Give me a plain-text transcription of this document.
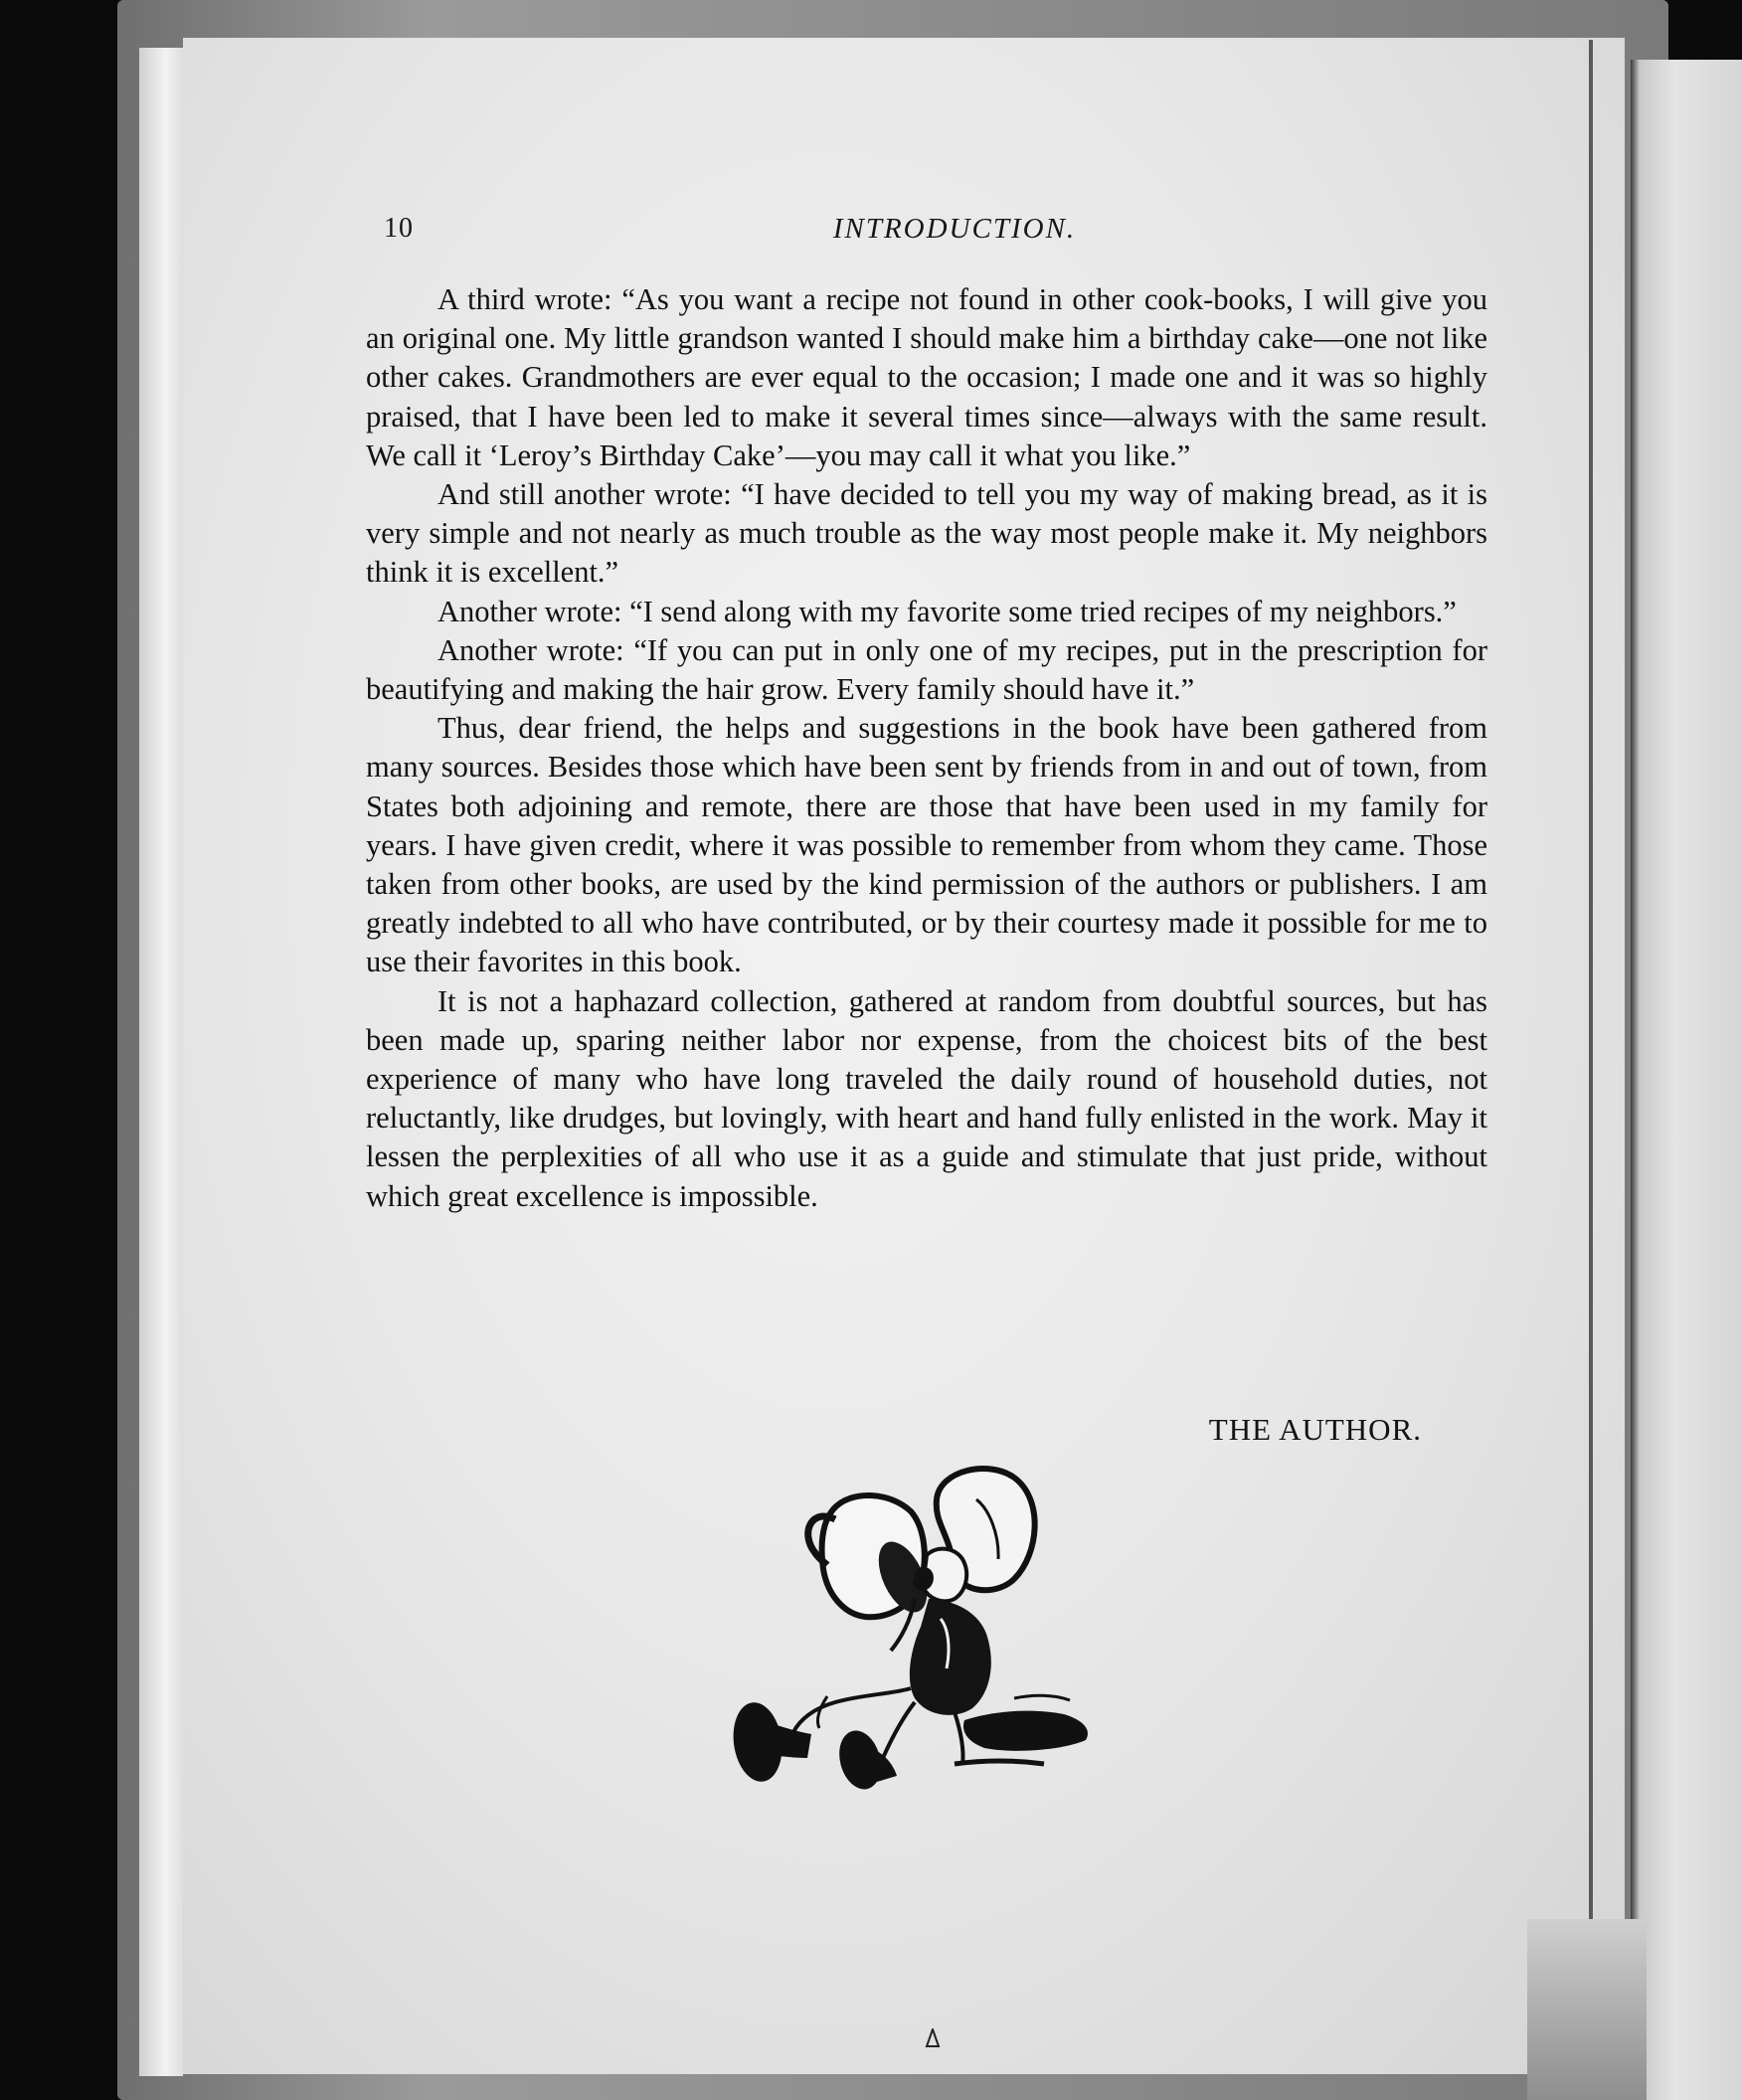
10	INTRODUCTION.

A third wrote: “As you want a recipe not found in other cook-books, I will give you an original one. My little grandson wanted I should make him a birthday cake—one not like other cakes. Grandmothers are ever equal to the occasion; I made one and it was so highly praised, that I have been led to make it several times since—always with the same result. We call it ‘Leroy’s Birthday Cake’—you may call it what you like.”

And still another wrote: “I have decided to tell you my way of making bread, as it is very simple and not nearly as much trouble as the way most people make it. My neighbors think it is excellent.”

Another wrote: “I send along with my favorite some tried recipes of my neighbors.”

Another wrote: “If you can put in only one of my recipes, put in the prescription for beautifying and making the hair grow. Every family should have it.”

Thus, dear friend, the helps and suggestions in the book have been gathered from many sources. Besides those which have been sent by friends from in and out of town, from States both adjoining and remote, there are those that have been used in my family for years. I have given credit, where it was possible to remember from whom they came. Those taken from other books, are used by the kind permission of the authors or publishers. I am greatly indebted to all who have contributed, or by their courtesy made it possible for me to use their favorites in this book.

It is not a haphazard collection, gathered at random from doubtful sources, but has been made up, sparing neither labor nor expense, from the choicest bits of the best experience of many who have long traveled the daily round of household duties, not reluctantly, like drudges, but lovingly, with heart and hand fully enlisted in the work. May it lessen the perplexities of all who use it as a guide and stimulate that just pride, without which great excellence is impossible.

THE AUTHOR.
